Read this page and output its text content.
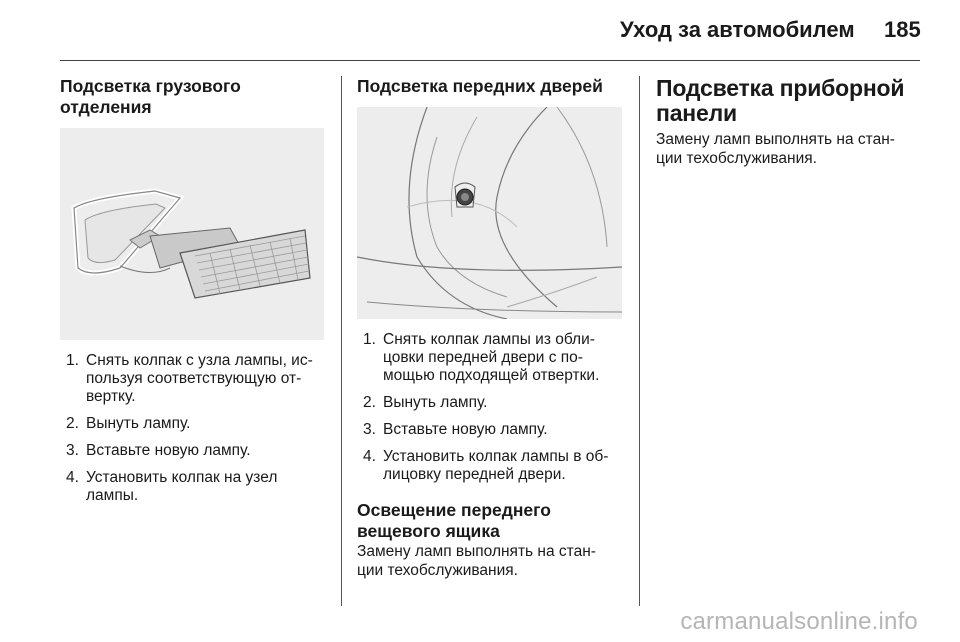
Уход за автомобилем 185
Подсветка грузового отделения
1. Снять колпак с узла лампы, ис- пользуя соответствующую от- вертку.
2. Вынуть лампу.
3. Вставьте новую лампу.
4. Установить колпак на узел лампы.
Подсветка передних дверей
1. Снять колпак лампы из обли- цовки передней двери с по- мощью подходящей отвертки.
2. Вынуть лампу.
3. Вставьте новую лампу.
4. Установить колпак лампы в об- лицовку передней двери.
Освещение переднего вещевого ящика

Замену ламп выполнять на стан- ции техобслуживания.

Подсветка приборной панели

Замену ламп выполнять на стан- ции техобслуживания.

carmanualsonline.info
